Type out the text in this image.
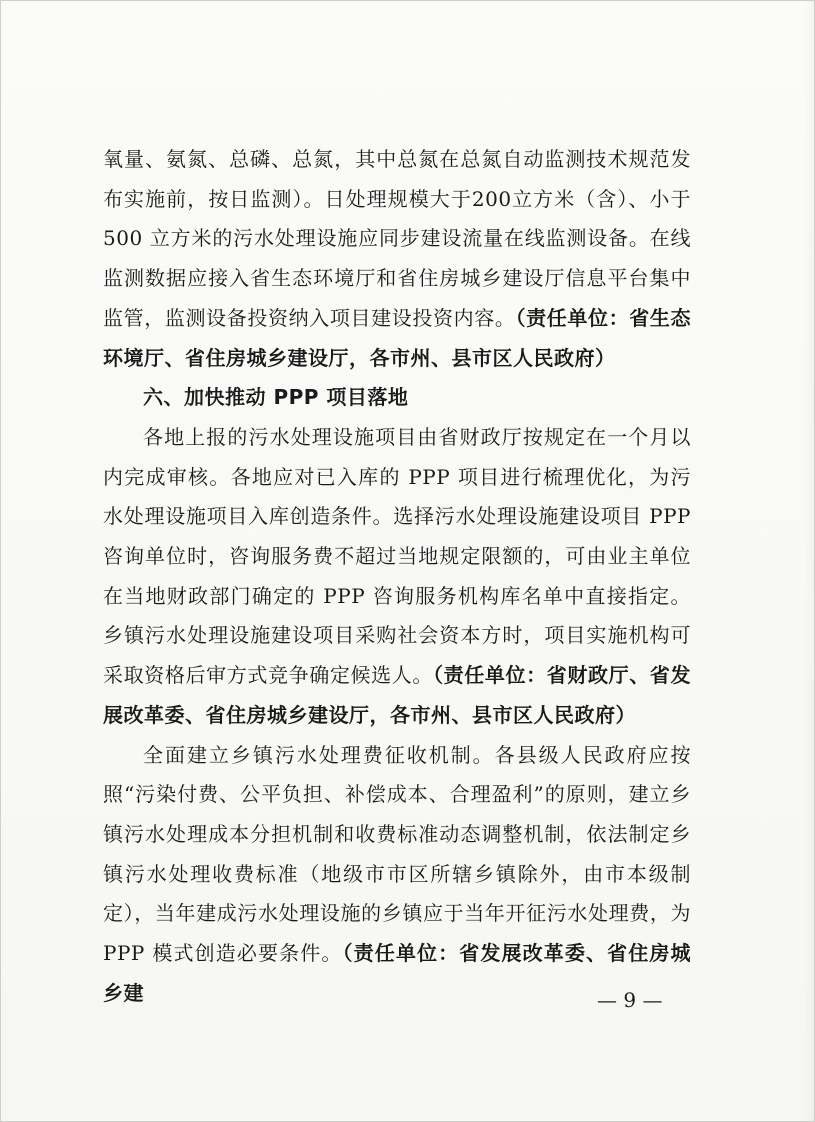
氧量、氨氮、总磷、总氮，其中总氮在总氮自动监测技术规范发布实施前，按日监测）。日处理规模大于200立方米（含）、小于500 立方米的污水处理设施应同步建设流量在线监测设备。在线监测数据应接入省生态环境厅和省住房城乡建设厅信息平台集中监管，监测设备投资纳入项目建设投资内容。（责任单位：省生态环境厅、省住房城乡建设厅，各市州、县市区人民政府）

六、加快推动 PPP 项目落地

各地上报的污水处理设施项目由省财政厅按规定在一个月以内完成审核。各地应对已入库的 PPP 项目进行梳理优化，为污水处理设施项目入库创造条件。选择污水处理设施建设项目 PPP 咨询单位时，咨询服务费不超过当地规定限额的，可由业主单位在当地财政部门确定的 PPP 咨询服务机构库名单中直接指定。乡镇污水处理设施建设项目采购社会资本方时，项目实施机构可采取资格后审方式竞争确定候选人。（责任单位：省财政厅、省发展改革委、省住房城乡建设厅，各市州、县市区人民政府）

全面建立乡镇污水处理费征收机制。各县级人民政府应按照“污染付费、公平负担、补偿成本、合理盈利”的原则，建立乡镇污水处理成本分担机制和收费标准动态调整机制，依法制定乡镇污水处理收费标准（地级市市区所辖乡镇除外，由市本级制定），当年建成污水处理设施的乡镇应于当年开征污水处理费，为 PPP 模式创造必要条件。（责任单位：省发展改革委、省住房城乡建	— 9 —
